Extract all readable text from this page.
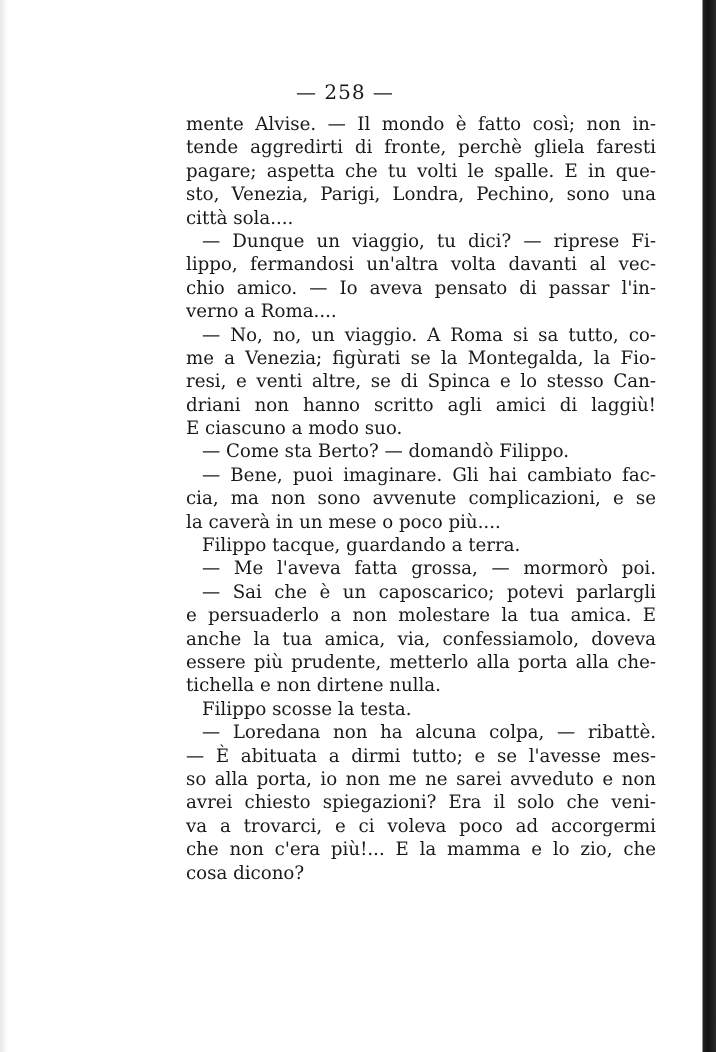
— 258 —
mente Alvise. — Il mondo è fatto così; non in-
tende aggredirti di fronte, perchè gliela faresti
pagare; aspetta che tu volti le spalle. E in que-
sto, Venezia, Parigi, Londra, Pechino, sono una
città sola....
— Dunque un viaggio, tu dici? — riprese Fi-
lippo, fermandosi un'altra volta davanti al vec-
chio amico. — Io aveva pensato di passar l'in-
verno a Roma....
— No, no, un viaggio. A Roma si sa tutto, co-
me a Venezia; figùrati se la Montegalda, la Fio-
resi, e venti altre, se di Spinca e lo stesso Can-
driani non hanno scritto agli amici di laggiù!
E ciascuno a modo suo.
— Come sta Berto? — domandò Filippo.
— Bene, puoi imaginare. Gli hai cambiato fac-
cia, ma non sono avvenute complicazioni, e se
la caverà in un mese o poco più....
Filippo tacque, guardando a terra.
— Me l'aveva fatta grossa, — mormorò poi.
— Sai che è un caposcarico; potevi parlargli
e persuaderlo a non molestare la tua amica. E
anche la tua amica, via, confessiamolo, doveva
essere più prudente, metterlo alla porta alla che-
tichella e non dirtene nulla.
Filippo scosse la testa.
— Loredana non ha alcuna colpa, — ribattè.
— È abituata a dirmi tutto; e se l'avesse mes-
so alla porta, io non me ne sarei avveduto e non
avrei chiesto spiegazioni? Era il solo che veni-
va a trovarci, e ci voleva poco ad accorgermi
che non c'era più!... E la mamma e lo zio, che
cosa dicono?
